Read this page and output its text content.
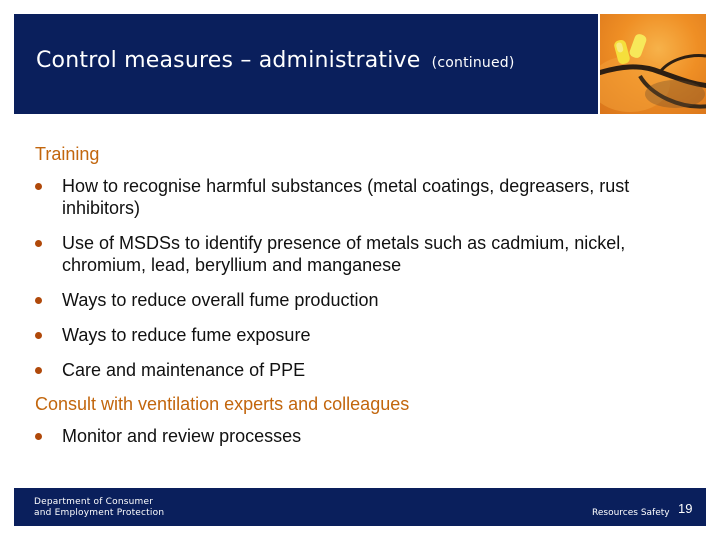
Control measures – administrative (continued)
Training
How to recognise harmful substances (metal coatings, degreasers, rust inhibitors)
Use of MSDSs to identify presence of metals such as cadmium, nickel, chromium, lead, beryllium and manganese
Ways to reduce overall fume production
Ways to reduce fume exposure
Care and maintenance of PPE
Consult with ventilation experts and colleagues
Monitor and review processes
Department of Consumer
and Employment Protection	Resources Safety 19
